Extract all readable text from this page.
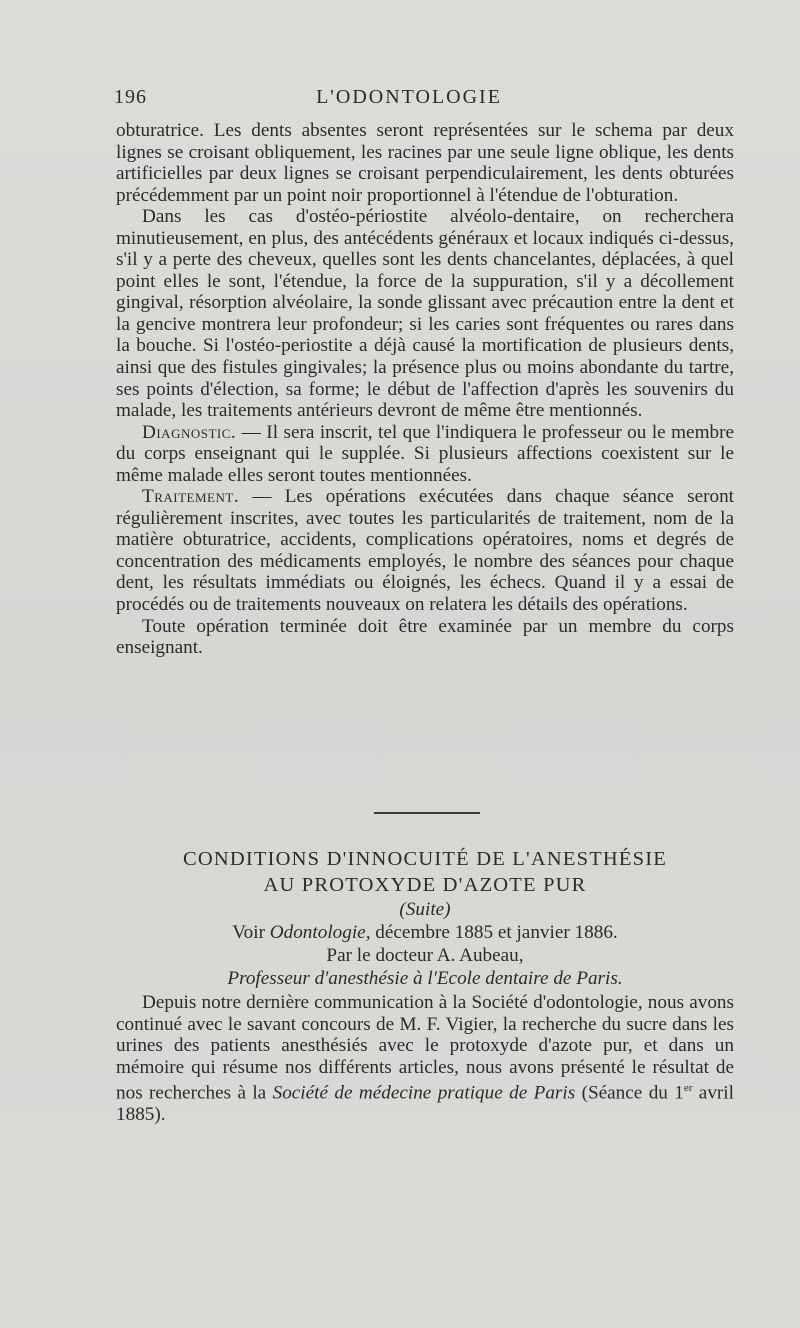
196	L'ODONTOLOGIE

obturatrice. Les dents absentes seront représentées sur le schema par deux lignes se croisant obliquement, les racines par une seule ligne oblique, les dents artificielles par deux lignes se croisant perpendiculairement, les dents obturées précédemment par un point noir proportionnel à l'étendue de l'obturation.

Dans les cas d'ostéo-périostite alvéolo-dentaire, on recherchera minutieusement, en plus, des antécédents généraux et locaux indiqués ci-dessus, s'il y a perte des cheveux, quelles sont les dents chancelantes, déplacées, à quel point elles le sont, l'étendue, la force de la suppuration, s'il y a décollement gingival, résorption alvéolaire, la sonde glissant avec précaution entre la dent et la gencive montrera leur profondeur; si les caries sont fréquentes ou rares dans la bouche. Si l'ostéo-periostite a déjà causé la mortification de plusieurs dents, ainsi que des fistules gingivales; la présence plus ou moins abondante du tartre, ses points d'élection, sa forme; le début de l'affection d'après les souvenirs du malade, les traitements antérieurs devront de même être mentionnés.

Diagnostic. — Il sera inscrit, tel que l'indiquera le professeur ou le membre du corps enseignant qui le supplée. Si plusieurs affections coexistent sur le même malade elles seront toutes mentionnées.

Traitement. — Les opérations exécutées dans chaque séance seront régulièrement inscrites, avec toutes les particularités de traitement, nom de la matière obturatrice, accidents, complications opératoires, noms et degrés de concentration des médicaments employés, le nombre des séances pour chaque dent, les résultats immédiats ou éloignés, les échecs. Quand il y a essai de procédés ou de traitements nouveaux on relatera les détails des opérations.

Toute opération terminée doit être examinée par un membre du corps enseignant.

CONDITIONS D'INNOCUITÉ DE L'ANESTHÉSIE
AU PROTOXYDE D'AZOTE PUR
(Suite)
Voir Odontologie, décembre 1885 et janvier 1886.
Par le docteur A. Aubeau,
Professeur d'anesthésie à l'Ecole dentaire de Paris.

Depuis notre dernière communication à la Société d'odontologie, nous avons continué avec le savant concours de M. F. Vigier, la recherche du sucre dans les urines des patients anesthésiés avec le protoxyde d'azote pur, et dans un mémoire qui résume nos différents articles, nous avons présenté le résultat de nos recherches à la Société de médecine pratique de Paris (Séance du 1er avril 1885).
